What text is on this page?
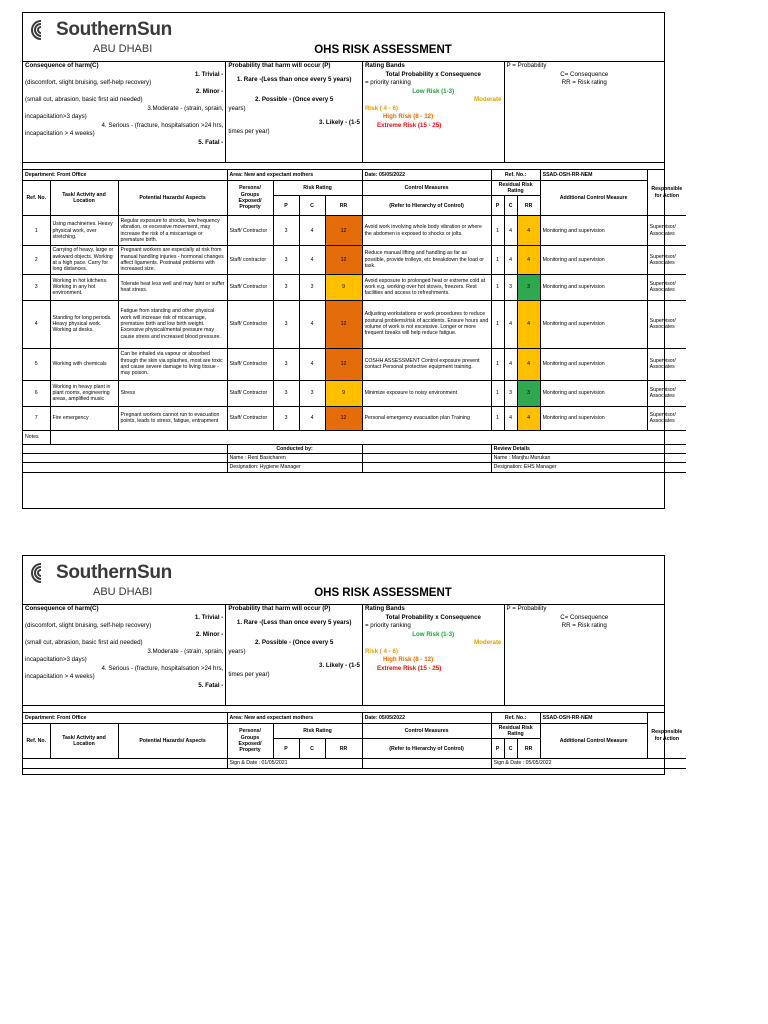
SouthernSun
ABU DHABI	OHS RISK ASSESSMENT
Consequence of harm(C)
1. Trivial -
(discomfort, slight bruising, self-help recovery)
2. Minor -
(small cut, abrasion, basic first aid needed)
3.Moderate - (strain, sprain,
incapacitation>3 days)
4. Serious - (fracture, hospitalsation >24 hrs,
incapacitation > 4 weeks)
5. Fatal -
Probability that harm will occur (P)
1. Rare -(Less than once every 5 years)
2. Possible - (Once every 5
years)
3. Likely - (1-5
times per year)
Rating Bands
Total Probability x Consequence
= priority ranking
Low Risk (1-3)
Moderate
Risk ( 4 - 6)
High Risk (8 - 12)
Extreme Risk (15 - 25)
P = Probability
C= Consequence
RR = Risk rating
Department: Front Office			Area: New and expectant mothers				Date: 05/05/2022	Ref. No.:			SSAD-OSH-RR-NEM	Responsible for Action
Ref. No.	Task/ Activity and Location	Potential Hazards/ Aspects	Persons/ Groups Exposed/ Property	Risk Rating			Control Measures	Residual Risk Rating			Additional Control Measure	
				P	C	RR	(Refer to Hierarchy of Control)	P	C	RR		
1	Using machineries. Heavy physical work, over stretching.	Regular exposure to shocks, low frequency vibration, or excessive movement, may increase the risk of a miscarriage or premature birth.	Staff/ Contractor	3	4	12	Avoid work involving whole body vibration or where the abdomen is exposed to shocks or jolts.	1	4	4	Monitoring and supervision	Supervisor/ Associates
2	Carrying of heavy, large or awkward objects. Working at a high pace. Carry for long distances.	Pregnant workers are especially at risk from manual handling injuries - hormonal changes affect ligaments. Postnatal problems with increased size.	Staff/ contractor	3	4	12	Reduce manual lifting and handling as far as possible, provide trolleys, etc breakdown the load or task.	1	4	4	Monitoring and supervision	Supervisor/ Associates
3	Working in hot kitchens. Working in any hot environment.	Tolerate heat less well and may faint or suffer heat stress.	Staff/ Contractor	3	3	9	Avoid exposure to prolonged heat or extreme cold at work e.g. working over hot stoves, freezers. Rest facilities and access to refreshments.	1	3	3	Monitoring and supervision	Supervisor/ Associates
4	Standing for long periods. Heavy physical work. Working at desks.	Fatigue from standing and other physical work will increase risk of miscarriage, premature birth and low birth weight. Excessive physical/mental pressure may cause stress and increased blood pressure.	Staff/ Contractor	3	4	12	Adjusting workstations or work procedures to reduce postural problems/risk of accidents. Ensure hours and volume of work is not excessive. Longer or more frequent breaks will help reduce fatigue.	1	4	4	Monitoring and supervision	Supervisor/ Associates
5	Working with chemicals	Can be inhaled via vapour or absorbed through the skin via splashes, most are toxic and cause severe damage to living tissue - may poison.	Staff/ Contractor	3	4	12	COSHH ASSESSMENT Control exposure prevent contact Personal protective equipment training.	1	4	4	Monitoring and supervision	Supervisor/ Associates
6	Working in heavy plant in plant rooms, engineering areas, amplified music	Stress	Staff/ Contractor	3	3	9	Minimize exposure to noisy environment	1	3	3	Monitoring and supervision	Supervisor/ Associates
7	Fire emergency	Pregnant workers cannot run to evacuation points, leads to stress, fatigue, entrapment	Staff/ Contractor	3	4	12	Personal emergency evacuation plan Training	1	4	4	Monitoring and supervision	Supervisor/ Associates
Notes												
			Conducted by:					Review Details				
			Name : Reni Basicharen					Name : Manjhu Murukan				
			Designation: Hygiene Manager					Designation: EHS Manager				
SouthernSun
ABU DHABI	OHS RISK ASSESSMENT
Consequence of harm(C)
1. Trivial -
(discomfort, slight bruising, self-help recovery)
2. Minor -
(small cut, abrasion, basic first aid needed)
3.Moderate - (strain, sprain,
incapacitation>3 days)
4. Serious - (fracture, hospitalsation >24 hrs,
incapacitation > 4 weeks)
5. Fatal -
Probability that harm will occur (P)
1. Rare -(Less than once every 5 years)
2. Possible - (Once every 5
years)
3. Likely - (1-5
times per year)
Rating Bands
Total Probability x Consequence
= priority ranking
Low Risk (1-3)
Moderate
Risk ( 4 - 6)
High Risk (8 - 12)
Extreme Risk (15 - 25)
P = Probability
C= Consequence
RR = Risk rating
Department: Front Office			Area: New and expectant mothers				Date: 05/05/2022	Ref. No.:			SSAD-OSH-RR-NEM	Responsible for Action
Ref. No.	Task/ Activity and Location	Potential Hazards/ Aspects	Persons/ Groups Exposed/ Property	Risk Rating			Control Measures	Residual Risk Rating			Additional Control Measure	
				P	C	RR	(Refer to Hierarchy of Control)	P	C	RR		
			Sign & Date : 01/05/2021					Sign & Date : 05/05/2022				
